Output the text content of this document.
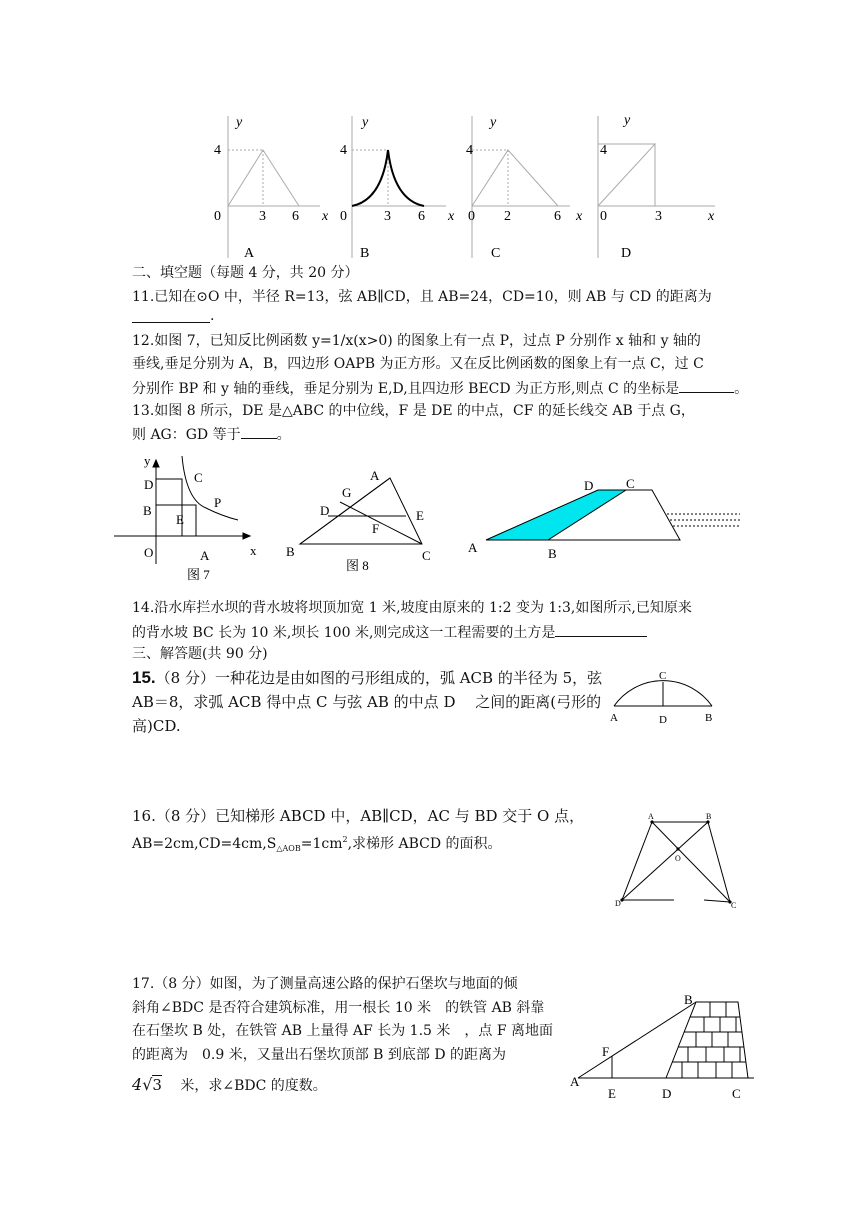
y
4
0	3 6 x
y
4
0	3 6 x
y
4
0 2	6 x
y
4
0	3	x
A	B	C	D
二、填空题（每题 4 分，共 20 分）
11.已知在⊙O 中，半径 R=13，弦 AB∥CD，且 AB=24，CD=10，则 AB 与 CD 的距离为
.
12.如图 7，已知反比例函数 y=1/x(x>0) 的图象上有一点 P，过点 P 分别作 x 轴和 y 轴的
垂线,垂足分别为 A，B，四边形 OAPB 为正方形。又在反比例函数的图象上有一点 C，过 C
分别作 BP 和 y 轴的垂线，垂足分别为 E,D,且四边形 BECD 为正方形,则点 C 的坐标是	。
13.如图 8 所示，DE 是△ABC 的中位线，F 是 DE 的中点，CF 的延长线交 AB 于点 G，
则 AG：GD 等于	。
y
x
D	C
P
B
E
O	A
图 7
A
G
D	E
F
B	C
图 8
D	C
A	B
14.沿水库拦水坝的背水坡将坝顶加宽 1 米,坡度由原来的 1:2 变为 1:3,如图所示,已知原来
的背水坡 BC 长为 10 米,坝长 100 米,则完成这一工程需要的土方是
三、解答题(共 90 分)
15.（8 分）一种花边是由如图的弓形组成的，弧 ACB 的半径为 5，弦
AB＝8，求弧 ACB 得中点 C 与弦 AB 的中点 D　 之间的距离(弓形的
高)CD.
C
A	D	B
16.（8 分）已知梯形 ABCD 中，AB∥CD，AC 与 BD 交于 O 点，
$AB=2cm,CD=4cm,S_{\triangle AOB}=1cm^2$,求梯形 ABCD 的面积。
A	B
O
D	C
17.（8 分）如图，为了测量高速公路的保护石堡坎与地面的倾
斜角∠BDC 是否符合建筑标准，用一根长 10 米　的铁管 AB 斜靠
在石堡坎 B 处，在铁管 AB 上量得 AF 长为 1.5 米　，点 F 离地面
的距离为　0.9 米，又量出石堡坎顶部 B 到底部 D 的距离为
4√3 米，求∠BDC 的度数。
B
F
A
E	D	C
